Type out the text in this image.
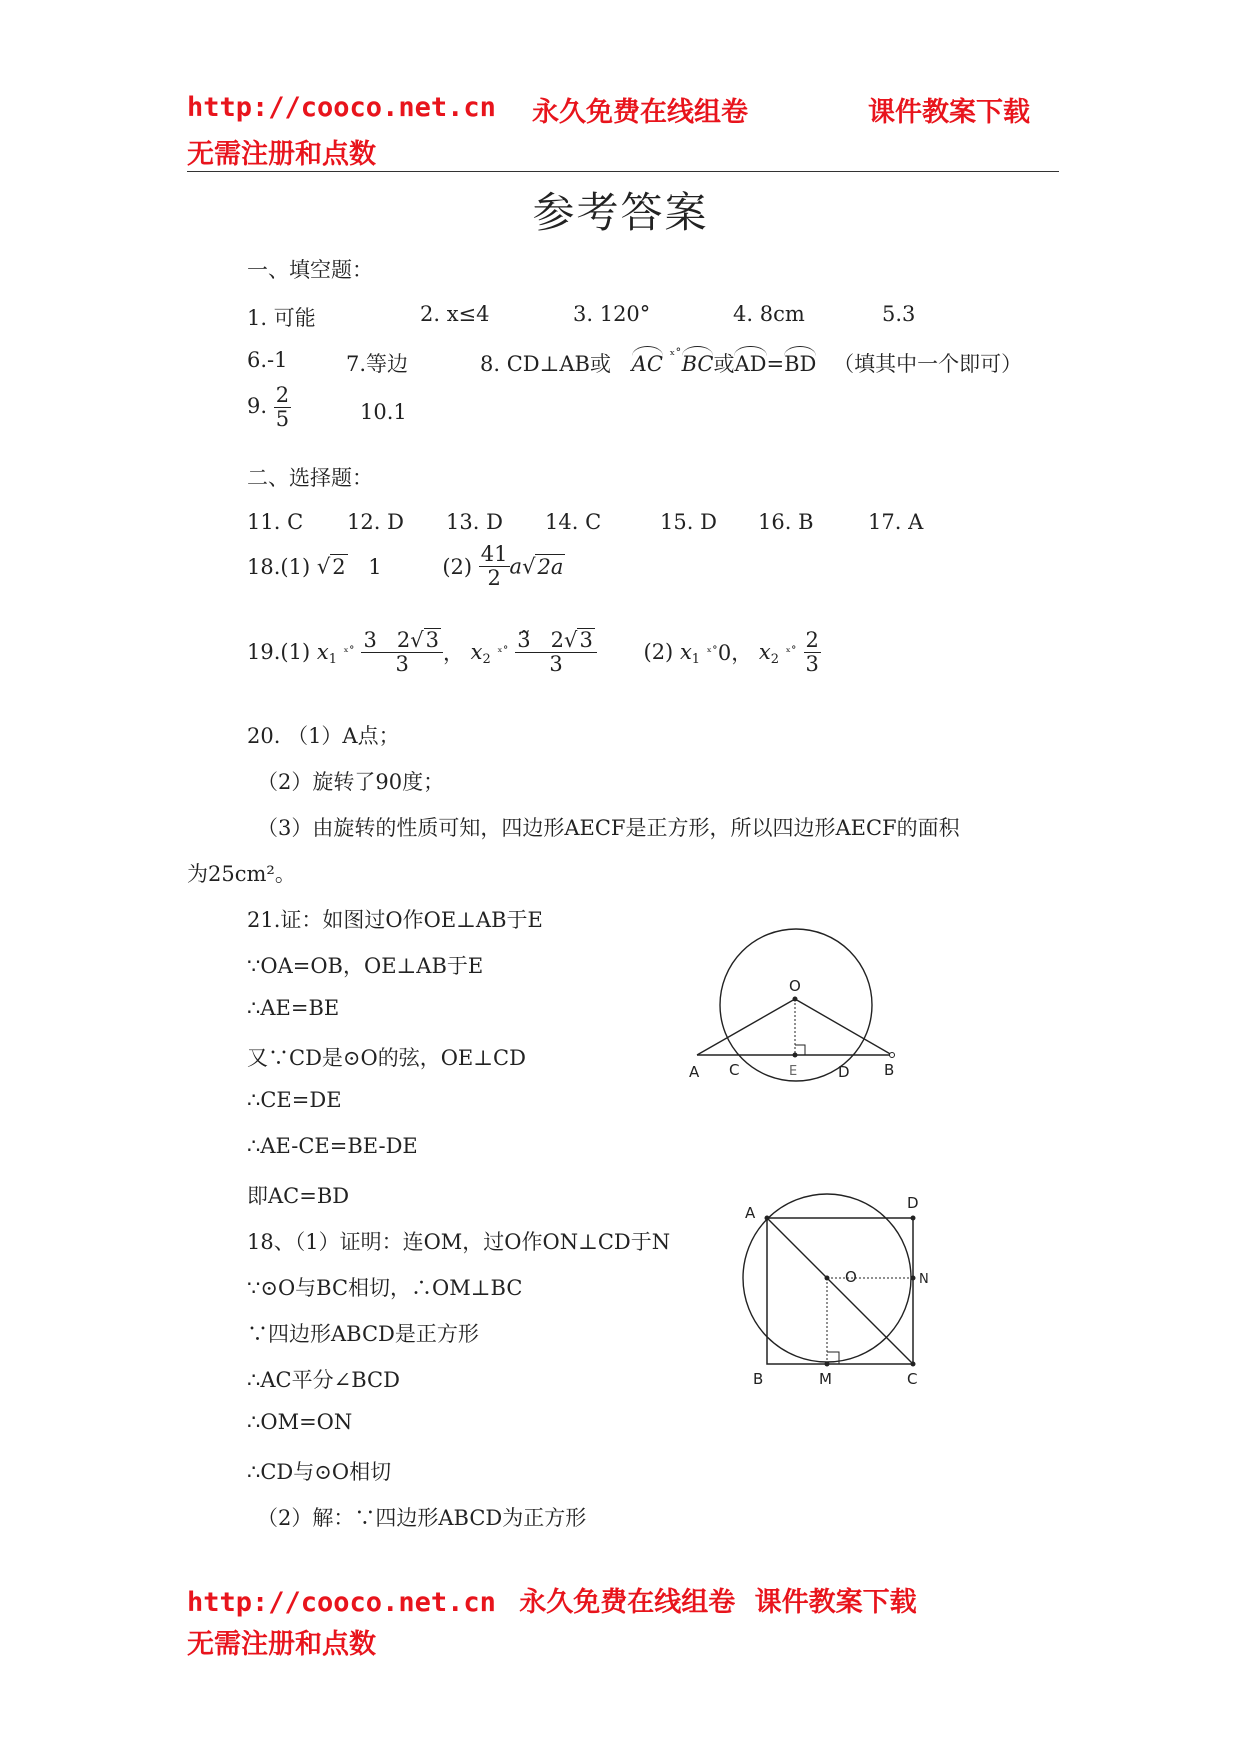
http://cooco.net.cn 永久免费在线组卷	课件教案下载
无需注册和点数
参考答案
一、填空题：
1. 可能	2. x≤4	3. 120°	4. 8cm	5.3
6.-1	7.等边	8. CD⊥AB或 AC $^{ˣ˚}$BC或AD=BD （填其中一个即可）
9. $\frac{2}{5}$	10.1
二、选择题：
11. C 12. D 13. D 14. C	15. D 16. B	17. A
18.(1) √2 1	$(2) \frac{41}{2} a√2a$
19.(1) $x_1$ ˣ˚ $\frac{3 2√3}{3}$ ， $x_2$ ˣ˚ $\frac{3̃ 2√3}{3} (2)$ $x_1$ ˣ˚0， $x_2$ ˣ˚ $\frac{2}{3}$
20. （1）A点；
（2）旋转了90度；
（3）由旋转的性质可知，四边形AECF是正方形，所以四边形AECF的面积
为25cm²。
21.证：如图过O作OE⊥AB于E
∵OA=OB，OE⊥AB于E
∴AE=BE
又∵CD是⊙O的弦，OE⊥CD
∴CE=DE
∴AE-CE=BE-DE
即AC=BD
18、（1）证明：连OM，过O作ON⊥CD于N
∵⊙O与BC相切，∴OM⊥BC
∵四边形ABCD是正方形
∴AC平分∠BCD
∴OM=ON
∴CD与⊙O相切
（2）解：∵四边形ABCD为正方形
O
A C	E	D B
A
D
O	N
B	M	C
http://cooco.net.cn 永久免费在线组卷 课件教案下载
无需注册和点数
